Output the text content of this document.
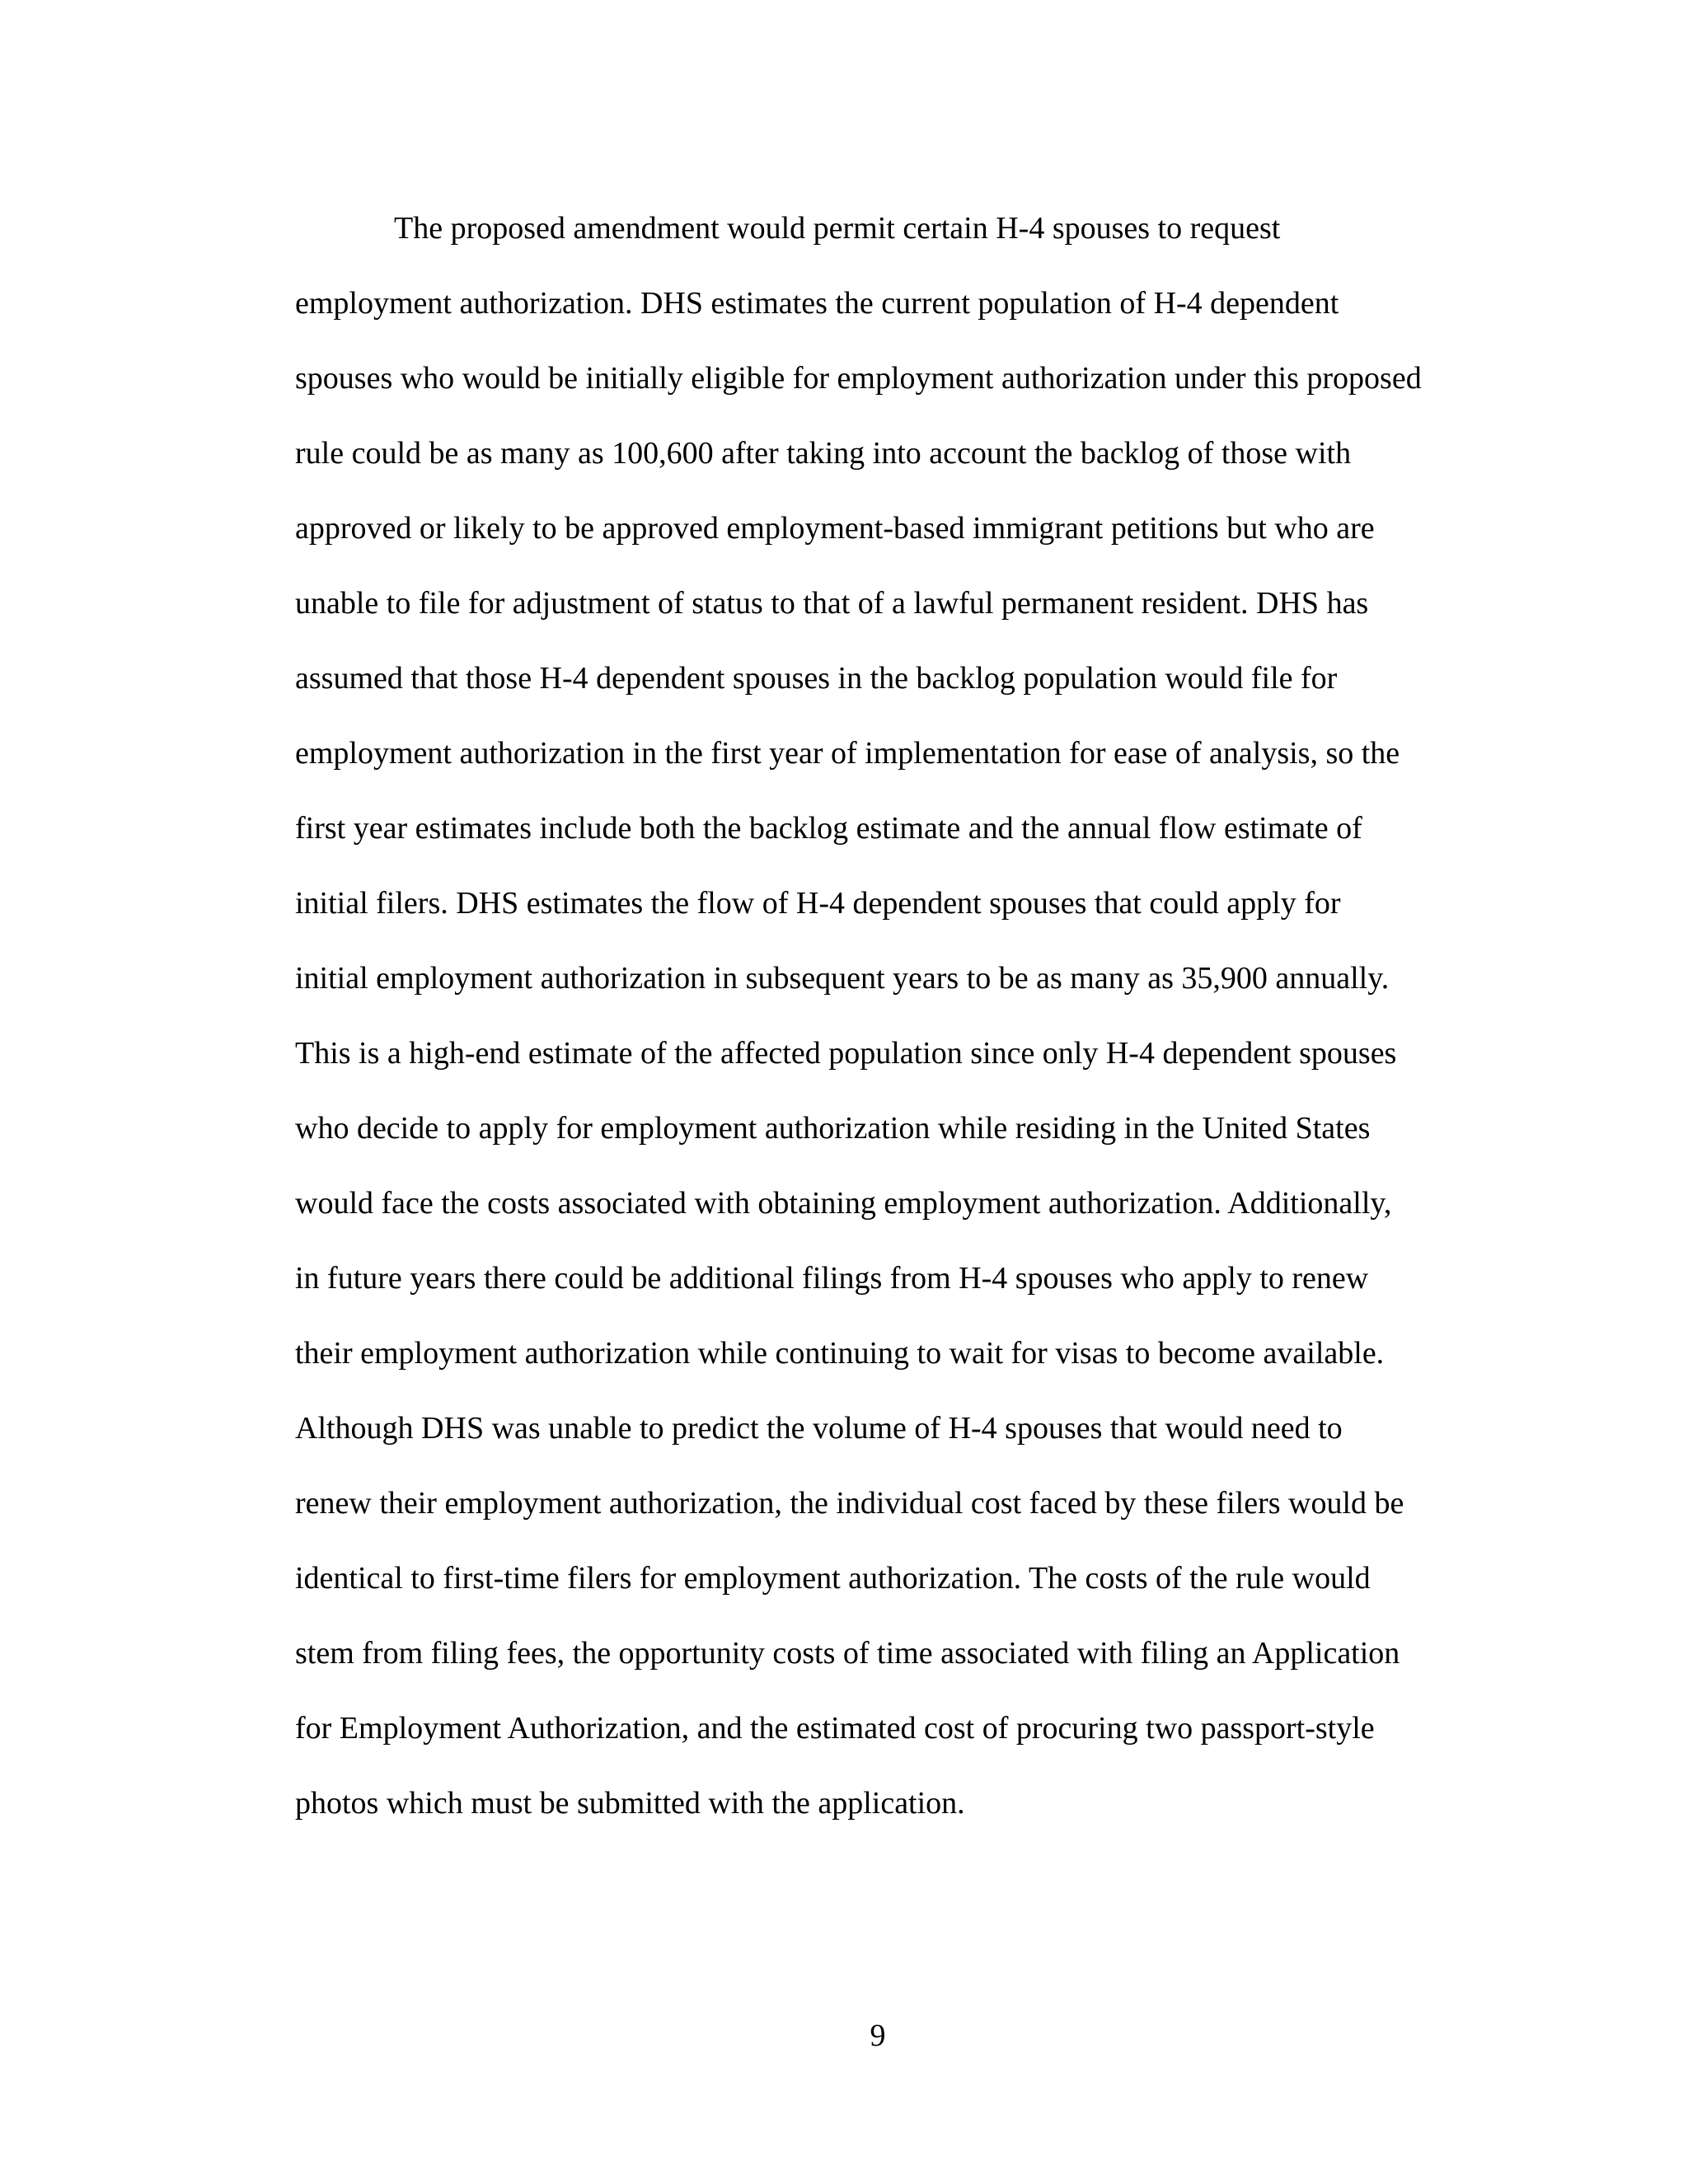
The proposed amendment would permit certain H-4 spouses to request
employment authorization. DHS estimates the current population of H-4 dependent
spouses who would be initially eligible for employment authorization under this proposed
rule could be as many as 100,600 after taking into account the backlog of those with
approved or likely to be approved employment-based immigrant petitions but who are
unable to file for adjustment of status to that of a lawful permanent resident. DHS has
assumed that those H-4 dependent spouses in the backlog population would file for
employment authorization in the first year of implementation for ease of analysis, so the
first year estimates include both the backlog estimate and the annual flow estimate of
initial filers. DHS estimates the flow of H-4 dependent spouses that could apply for
initial employment authorization in subsequent years to be as many as 35,900 annually.
This is a high-end estimate of the affected population since only H-4 dependent spouses
who decide to apply for employment authorization while residing in the United States
would face the costs associated with obtaining employment authorization. Additionally,
in future years there could be additional filings from H-4 spouses who apply to renew
their employment authorization while continuing to wait for visas to become available.
Although DHS was unable to predict the volume of H-4 spouses that would need to
renew their employment authorization, the individual cost faced by these filers would be
identical to first-time filers for employment authorization. The costs of the rule would
stem from filing fees, the opportunity costs of time associated with filing an Application
for Employment Authorization, and the estimated cost of procuring two passport-style
photos which must be submitted with the application.

9
